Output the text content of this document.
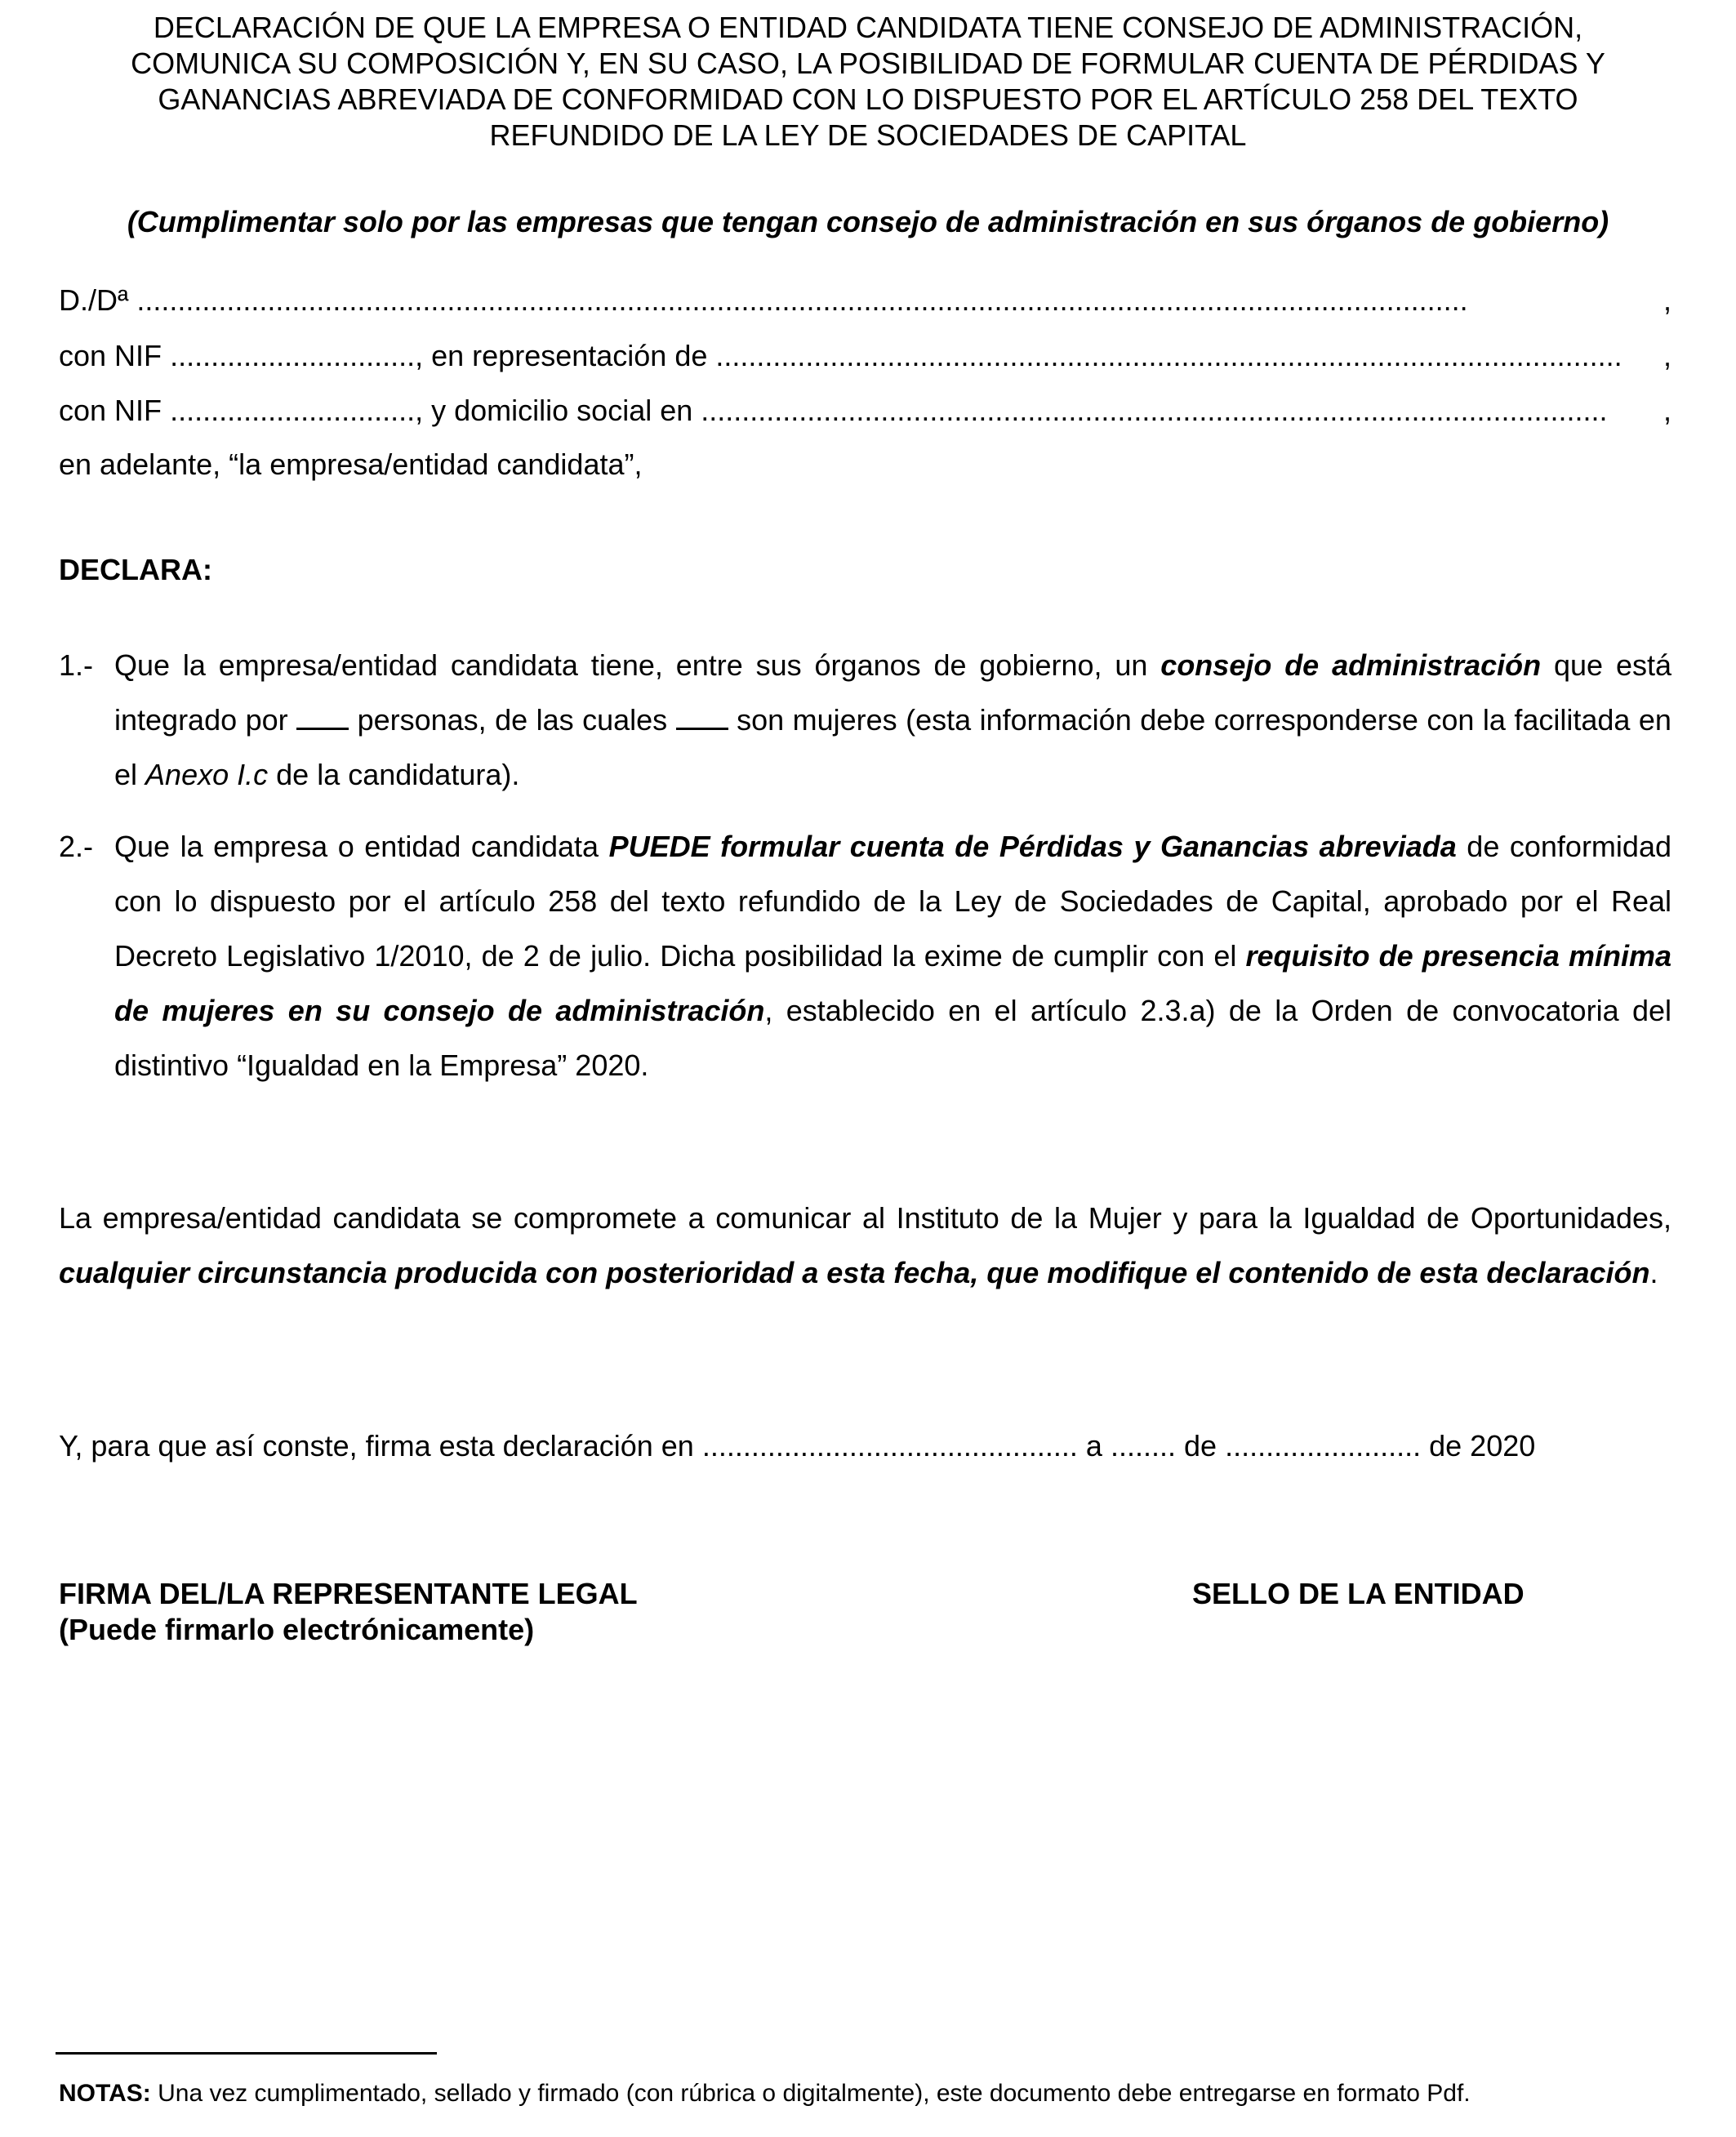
DECLARACIÓN DE QUE LA EMPRESA O ENTIDAD CANDIDATA TIENE CONSEJO DE ADMINISTRACIÓN,
COMUNICA SU COMPOSICIÓN Y, EN SU CASO, LA POSIBILIDAD DE FORMULAR CUENTA DE PÉRDIDAS Y
GANANCIAS ABREVIADA DE CONFORMIDAD CON LO DISPUESTO POR EL ARTÍCULO 258 DEL TEXTO
REFUNDIDO DE LA LEY DE SOCIEDADES DE CAPITAL
(Cumplimentar solo por las empresas que tengan consejo de administración en sus órganos de gobierno)
D./Dª
...................................................................................................................................................................	,
con NIF
.............................. , en representación de
...............................................................................................................	,
con NIF
.............................. , y domicilio social en
...............................................................................................................	,
en adelante, “la empresa/entidad candidata”,
DECLARA:
1.- Que la empresa/entidad candidata tiene, entre sus órganos de gobierno, un consejo de administración que está integrado por personas, de las cuales son mujeres (esta información debe corresponderse con la facilitada en el Anexo I.c de la candidatura).
2.- Que la empresa o entidad candidata PUEDE formular cuenta de Pérdidas y Ganancias abreviada de conformidad con lo dispuesto por el artículo 258 del texto refundido de la Ley de Sociedades de Capital, aprobado por el Real Decreto Legislativo 1/2010, de 2 de julio. Dicha posibilidad la exime de cumplir con el requisito de presencia mínima de mujeres en su consejo de administración, establecido en el artículo 2.3.a) de la Orden de convocatoria del distintivo “Igualdad en la Empresa” 2020.
La empresa/entidad candidata se compromete a comunicar al Instituto de la Mujer y para la Igualdad de Oportunidades, cualquier circunstancia producida con posterioridad a esta fecha, que modifique el contenido de esta declaración.
Y, para que así conste, firma esta declaración en .............................................. a ........ de ........................ de 2020
FIRMA DEL/LA REPRESENTANTE LEGAL
(Puede firmarlo electrónicamente)
SELLO DE LA ENTIDAD
NOTAS: Una vez cumplimentado, sellado y firmado (con rúbrica o digitalmente), este documento debe entregarse en formato Pdf.
